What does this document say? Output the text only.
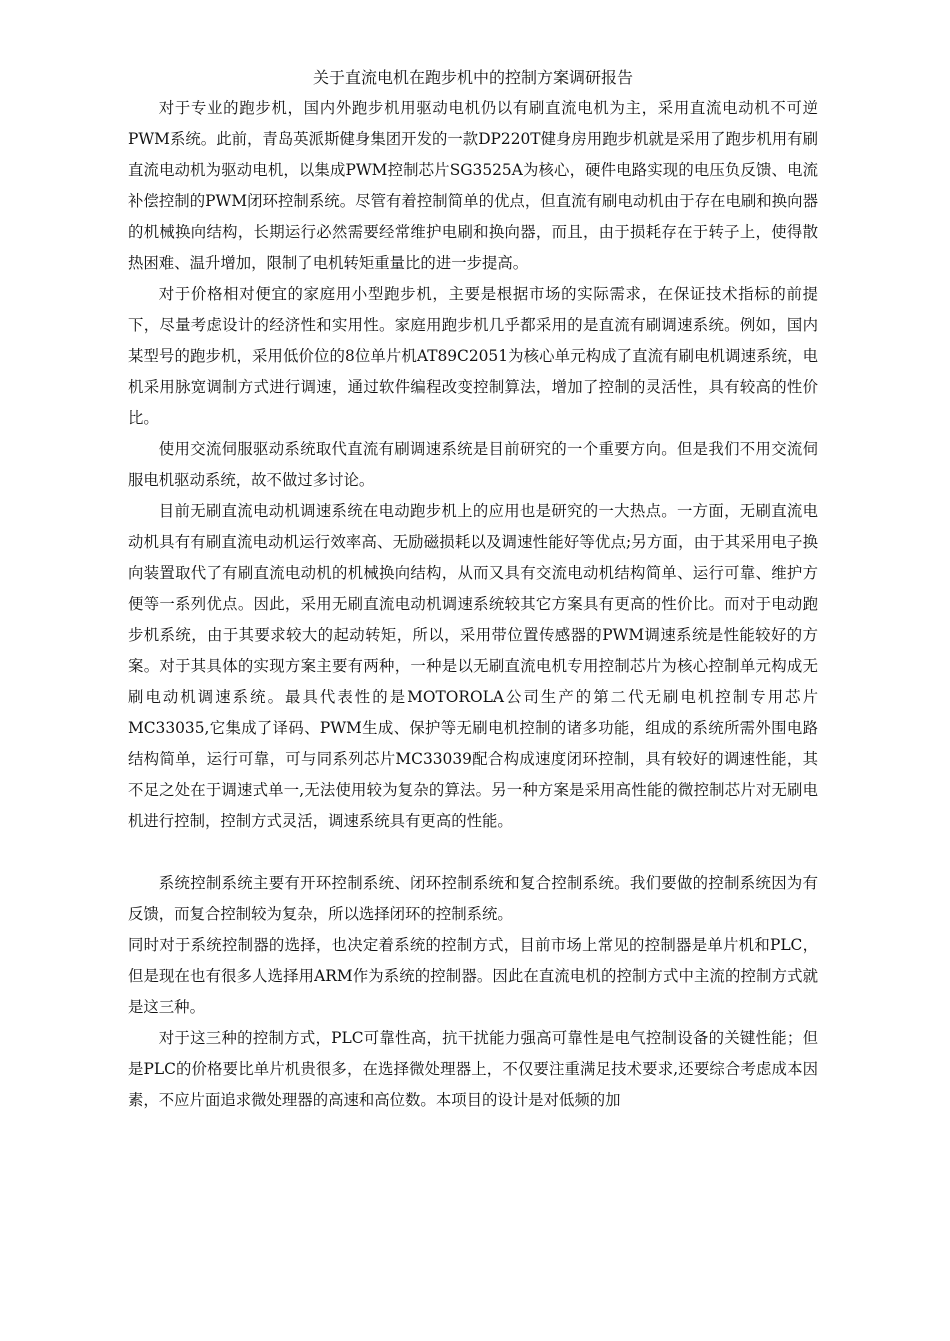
关于直流电机在跑步机中的控制方案调研报告

对于专业的跑步机，国内外跑步机用驱动电机仍以有刷直流电机为主，采用直流电动机不可逆PWM系统。此前，青岛英派斯健身集团开发的一款DP220T健身房用跑步机就是采用了跑步机用有刷直流电动机为驱动电机，以集成PWM控制芯片SG3525A为核心，硬件电路实现的电压负反馈、电流补偿控制的PWM闭环控制系统。尽管有着控制简单的优点，但直流有刷电动机由于存在电刷和换向器的机械换向结构，长期运行必然需要经常维护电刷和换向器，而且，由于损耗存在于转子上，使得散热困难、温升增加，限制了电机转矩重量比的进一步提高。

对于价格相对便宜的家庭用小型跑步机，主要是根据市场的实际需求，在保证技术指标的前提下，尽量考虑设计的经济性和实用性。家庭用跑步机几乎都采用的是直流有刷调速系统。例如，国内某型号的跑步机，采用低价位的8位单片机AT89C2051为核心单元构成了直流有刷电机调速系统，电机采用脉宽调制方式进行调速，通过软件编程改变控制算法，增加了控制的灵活性，具有较高的性价比。

使用交流伺服驱动系统取代直流有刷调速系统是目前研究的一个重要方向。但是我们不用交流伺服电机驱动系统，故不做过多讨论。

目前无刷直流电动机调速系统在电动跑步机上的应用也是研究的一大热点。一方面，无刷直流电动机具有有刷直流电动机运行效率高、无励磁损耗以及调速性能好等优点;另方面，由于其采用电子换向装置取代了有刷直流电动机的机械换向结构，从而又具有交流电动机结构简单、运行可靠、维护方便等一系列优点。因此，采用无刷直流电动机调速系统较其它方案具有更高的性价比。而对于电动跑步机系统，由于其要求较大的起动转矩，所以，采用带位置传感器的PWM调速系统是性能较好的方案。对于其具体的实现方案主要有两种，一种是以无刷直流电机专用控制芯片为核心控制单元构成无刷电动机调速系统。最具代表性的是MOTOROLA公司生产的第二代无刷电机控制专用芯片MC33035,它集成了译码、PWM生成、保护等无刷电机控制的诸多功能，组成的系统所需外围电路结构简单，运行可靠，可与同系列芯片MC33039配合构成速度闭环控制，具有较好的调速性能，其不足之处在于调速式单一,无法使用较为复杂的算法。另一种方案是采用高性能的微控制芯片对无刷电机进行控制，控制方式灵活，调速系统具有更高的性能。

系统控制系统主要有开环控制系统、闭环控制系统和复合控制系统。我们要做的控制系统因为有反馈，而复合控制较为复杂，所以选择闭环的控制系统。

同时对于系统控制器的选择，也决定着系统的控制方式，目前市场上常见的控制器是单片机和PLC，但是现在也有很多人选择用ARM作为系统的控制器。因此在直流电机的控制方式中主流的控制方式就是这三种。

对于这三种的控制方式，PLC可靠性高，抗干扰能力强高可靠性是电气控制设备的关键性能；但是PLC的价格要比单片机贵很多，在选择微处理器上，不仅要注重满足技术要求,还要综合考虑成本因素，不应片面追求微处理器的高速和高位数。本项目的设计是对低频的加
